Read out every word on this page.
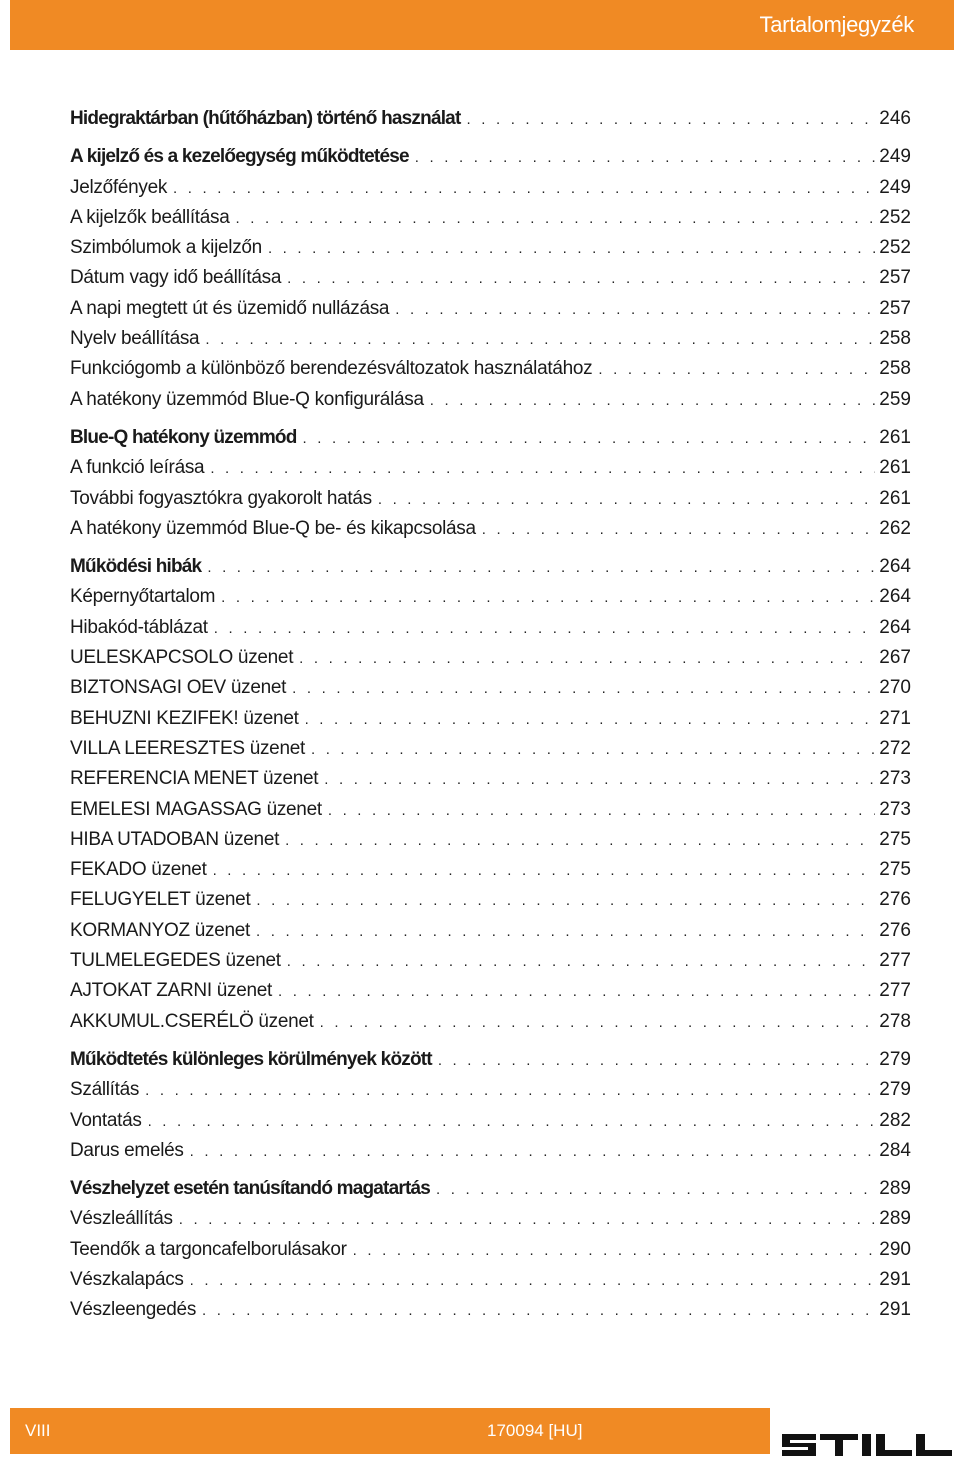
Tartalomjegyzék
Hidegraktárban (hűtőházban) történő használat . . .	246
A kijelző és a kezelőegység működtetése . . .	249
Jelzőfények . . .	249
A kijelzők beállítása . . .	252
Szimbólumok a kijelzőn . . .	252
Dátum vagy idő beállítása . . .	257
A napi megtett út és üzemidő nullázása . . .	257
Nyelv beállítása . . .	258
Funkciógomb a különböző berendezésváltozatok használatához . . .	258
A hatékony üzemmód Blue-Q konfigurálása . . .	259
Blue-Q hatékony üzemmód . . .	261
A funkció leírása . . .	261
További fogyasztókra gyakorolt hatás . . .	261
A hatékony üzemmód Blue-Q be- és kikapcsolása . . .	262
Működési hibák . . .	264
Képernyőtartalom . . .	264
Hibakód-táblázat . . .	264
UELESKAPCSOLO üzenet . . .	267
BIZTONSAGI OEV üzenet . . .	270
BEHUZNI KEZIFEK! üzenet . . .	271
VILLA LEERESZTES üzenet . . .	272
REFERENCIA MENET üzenet . . .	273
EMELESI MAGASSAG üzenet . . .	273
HIBA UTADOBAN üzenet . . .	275
FEKADO üzenet . . .	275
FELUGYELET üzenet . . .	276
KORMANYOZ üzenet . . .	276
TULMELEGEDES üzenet . . .	277
AJTOKAT ZARNI üzenet . . .	277
AKKUMUL.CSERÉLÖ üzenet . . .	278
Működtetés különleges körülmények között . . .	279
Szállítás . . .	279
Vontatás . . .	282
Darus emelés . . .	284
Vészhelyzet esetén tanúsítandó magatartás . . .	289
Vészleállítás . . .	289
Teendők a targoncafelborulásakor . . .	290
Vészkalapács . . .	291
Vészleengedés . . .	291
VIII	170094 [HU]
